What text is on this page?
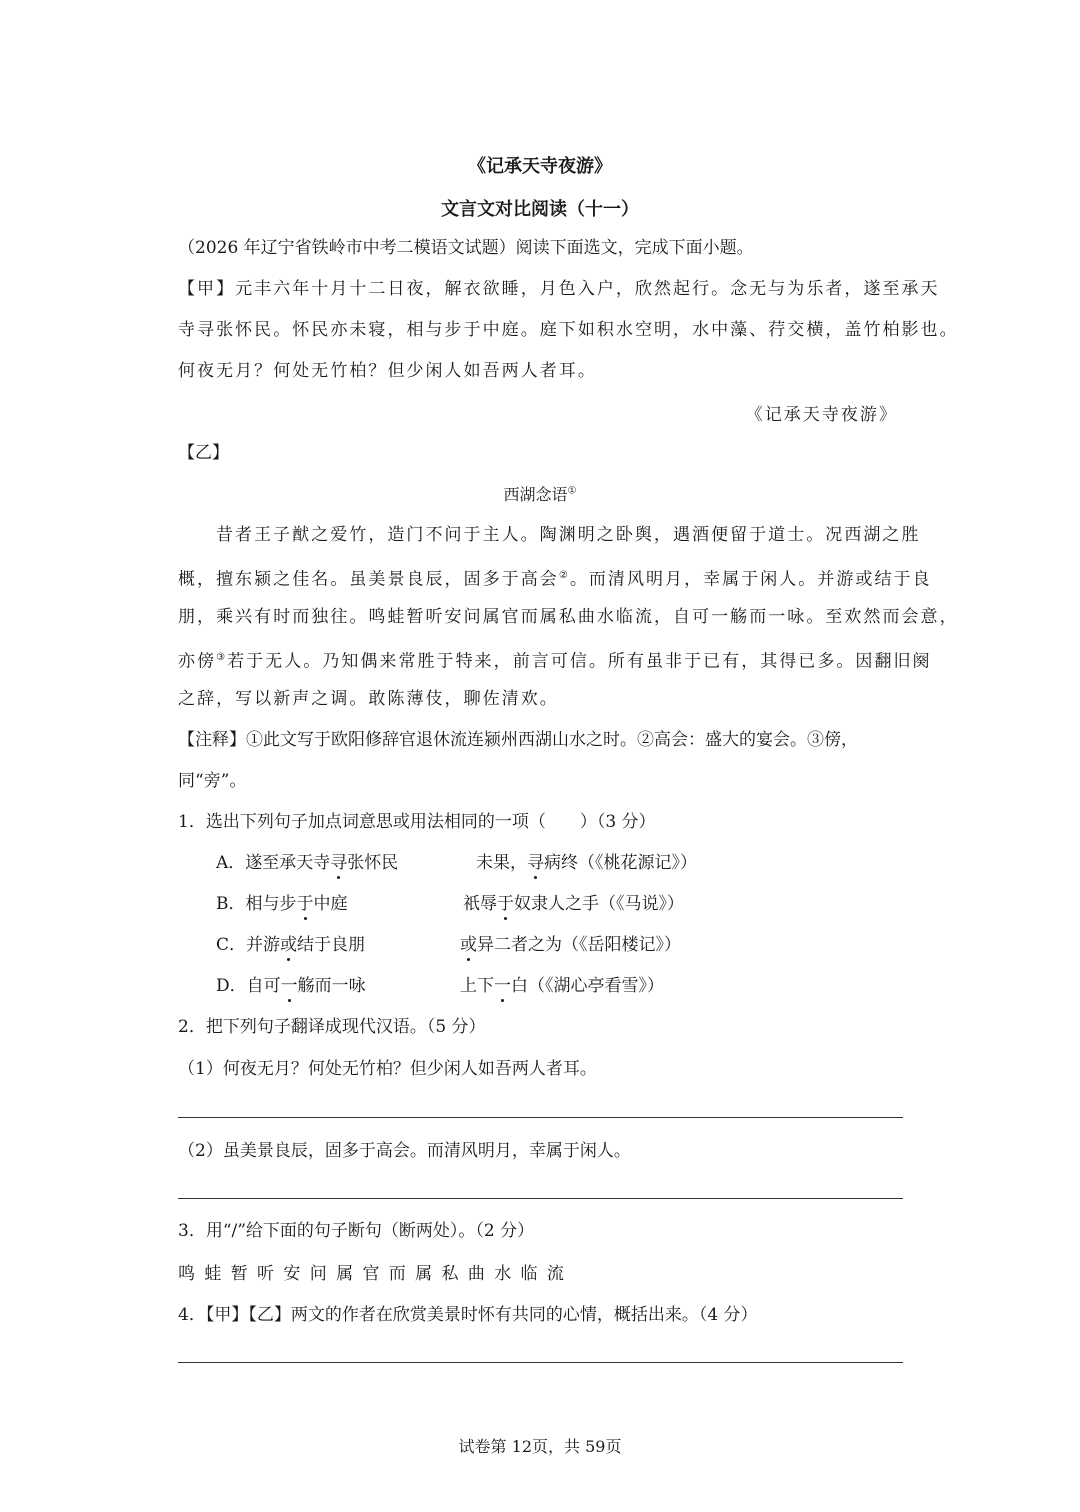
《记承天寺夜游》
文言文对比阅读（十一）
（2026 年辽宁省铁岭市中考二模语文试题）阅读下面选文，完成下面小题。
【甲】元丰六年十月十二日夜，解衣欲睡，月色入户，欣然起行。念无与为乐者，遂至承天
寺寻张怀民。怀民亦未寝，相与步于中庭。庭下如积水空明，水中藻、荇交横，盖竹柏影也。
何夜无月？何处无竹柏？但少闲人如吾两人者耳。
《记承天寺夜游》
【乙】
西湖念语①
昔者王子猷之爱竹，造门不问于主人。陶渊明之卧舆，遇酒便留于道士。况西湖之胜
概，擅东颍之佳名。虽美景良辰，固多于高会②。而清风明月，幸属于闲人。并游或结于良
朋，乘兴有时而独往。鸣蛙暂听安问属官而属私曲水临流，自可一觞而一咏。至欢然而会意，
亦傍③若于无人。乃知偶来常胜于特来，前言可信。所有虽非于已有，其得已多。因翻旧阕
之辞，写以新声之调。敢陈薄伎，聊佐清欢。
【注释】①此文写于欧阳修辞官退休流连颍州西湖山水之时。②高会：盛大的宴会。③傍，
同“旁”。
1．选出下列句子加点词意思或用法相同的一项（　　）（3 分）
A．遂至承天寺寻张怀民	未果，寻病终（《桃花源记》）
B．相与步于中庭	祇辱于奴隶人之手（《马说》）
C．并游或结于良朋	或异二者之为（《岳阳楼记》）
D．自可一觞而一咏	上下一白（《湖心亭看雪》）
2．把下列句子翻译成现代汉语。（5 分）
（1）何夜无月？何处无竹柏？但少闲人如吾两人者耳。
（2）虽美景良辰，固多于高会。而清风明月，幸属于闲人。
3．用“/”给下面的句子断句（断两处）。（2 分）
鸣蛙暂听安问属官而属私曲水临流
4．【甲】【乙】两文的作者在欣赏美景时怀有共同的心情，概括出来。（4 分）
试卷第 12页，共 59页
